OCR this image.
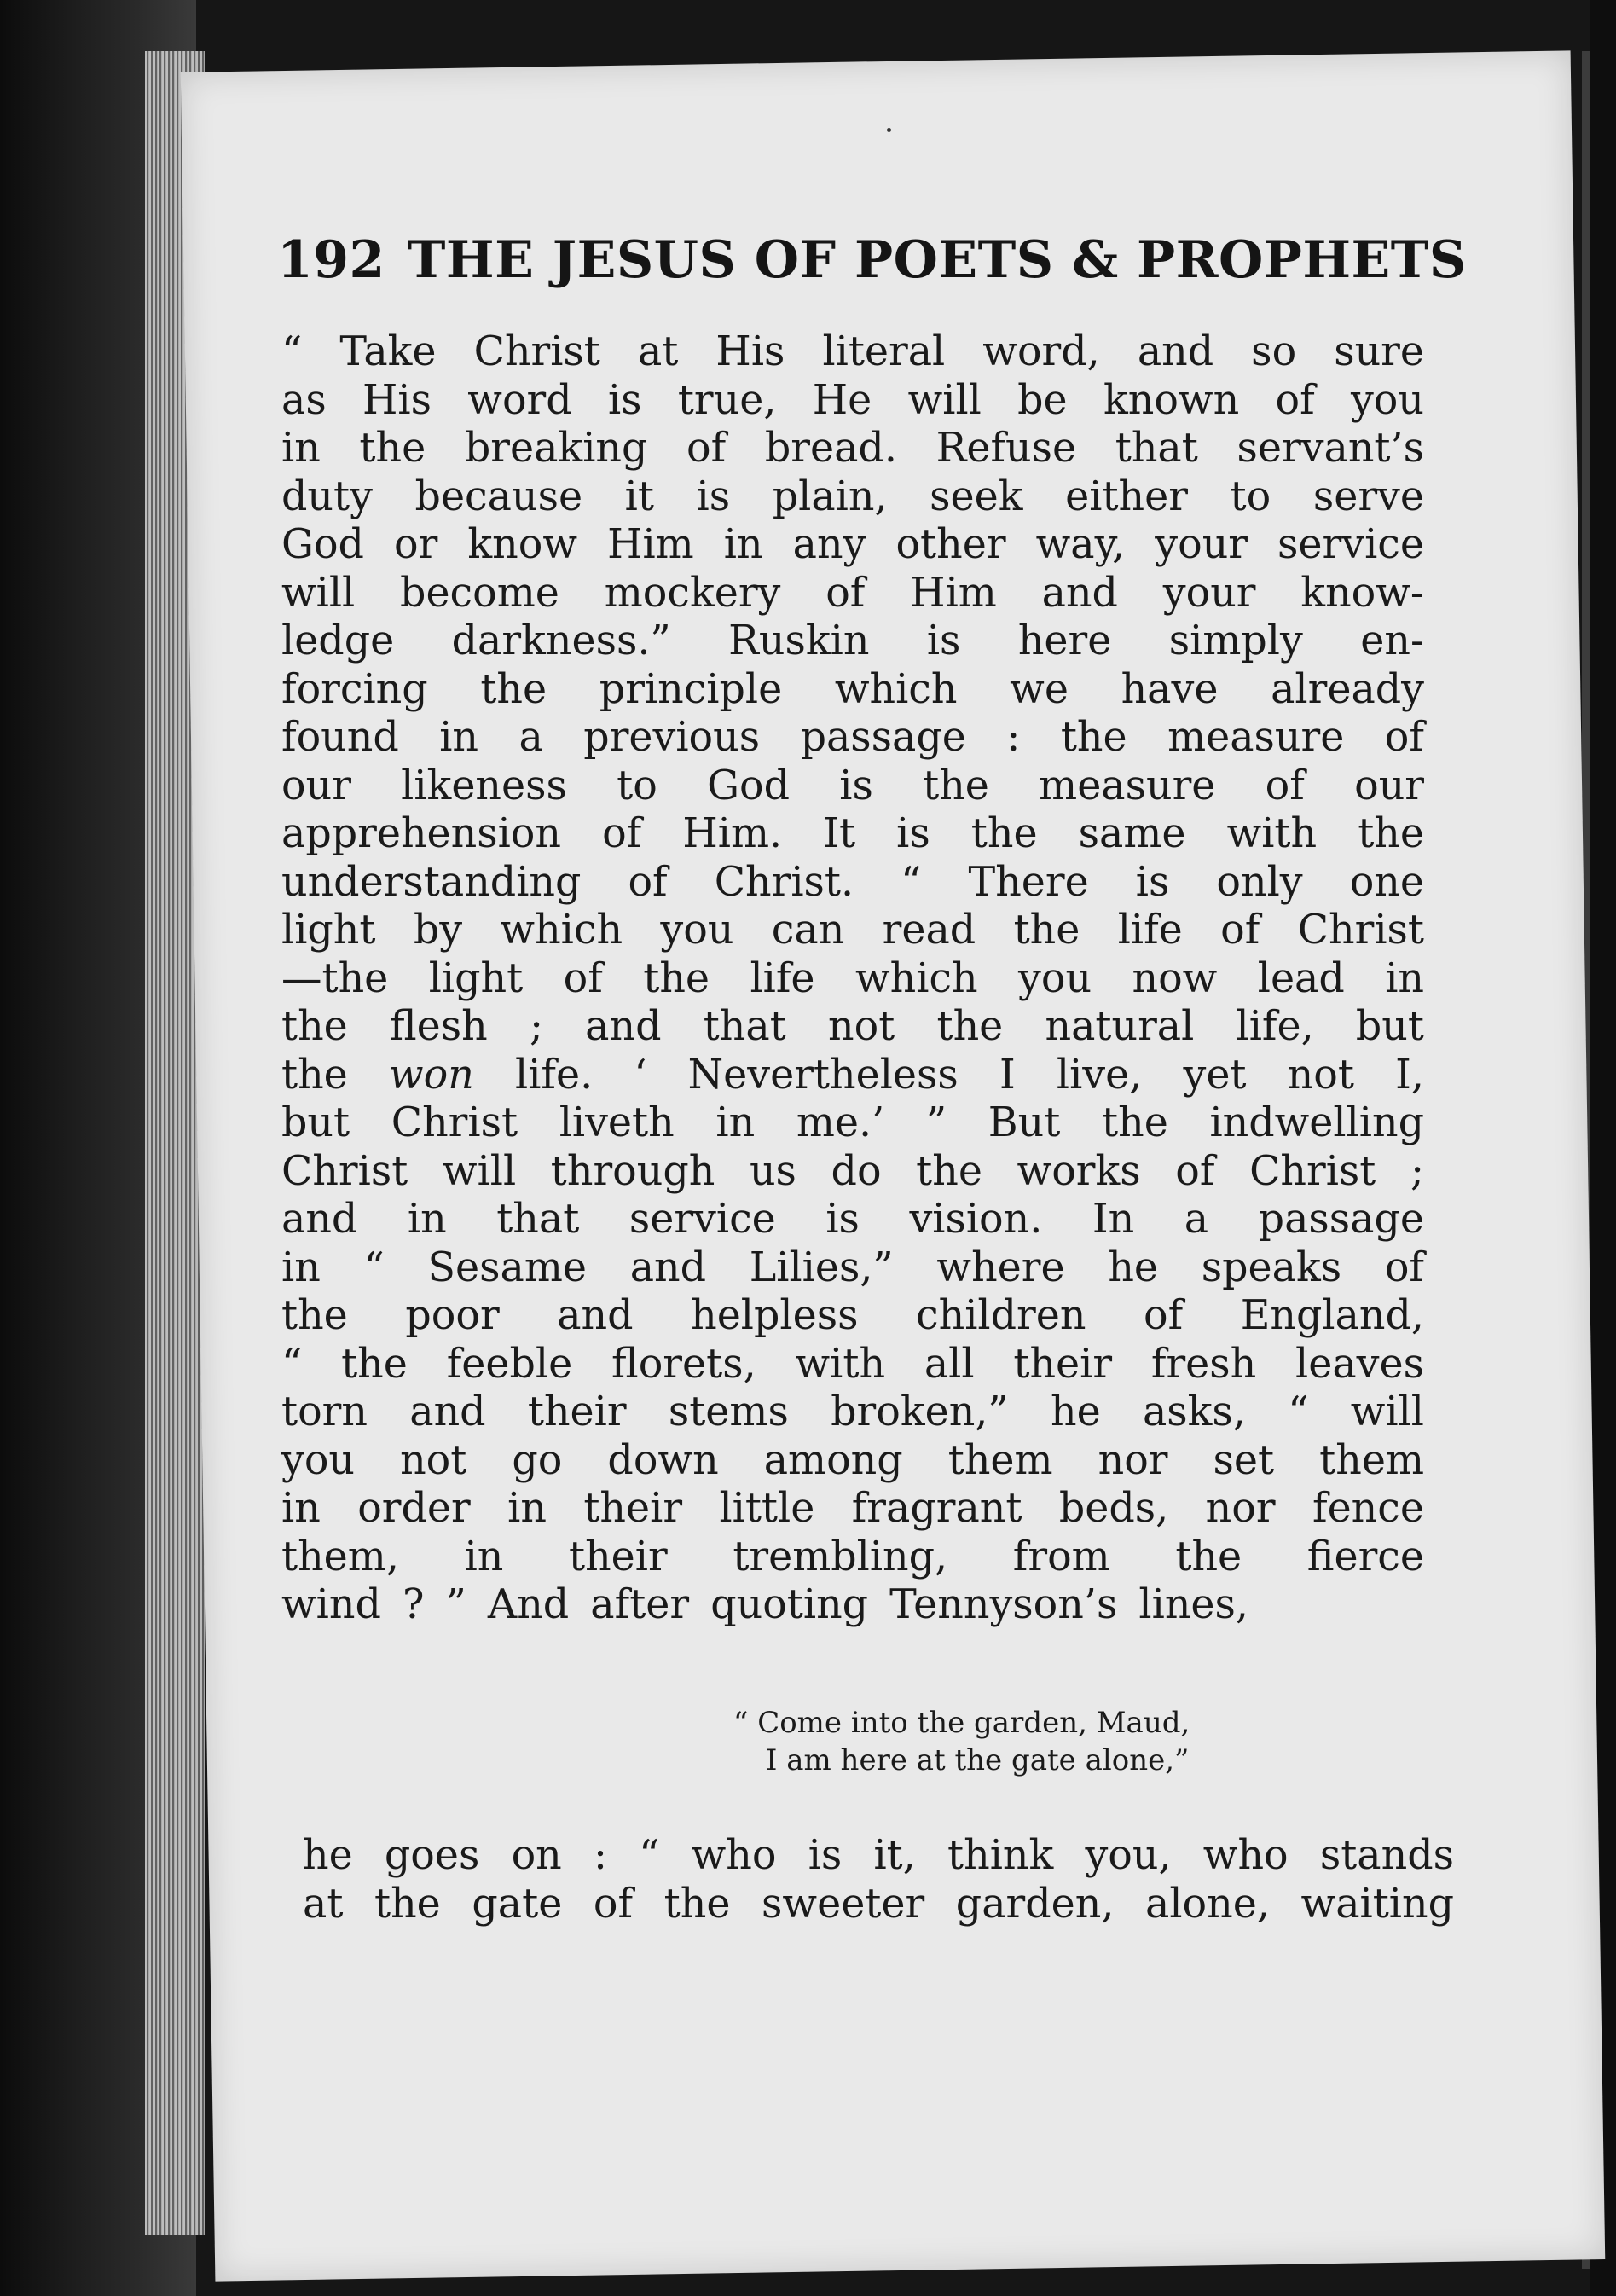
192 THE JESUS OF POETS & PROPHETS
“ Take Christ at His literal word, and so sure
as His word is true, He will be known of you
in the breaking of bread. Refuse that servant’s
duty because it is plain, seek either to serve
God or know Him in any other way, your service
will become mockery of Him and your know-
ledge darkness.” Ruskin is here simply en-
forcing the principle which we have already
found in a previous passage : the measure of
our likeness to God is the measure of our
apprehension of Him. It is the same with the
understanding of Christ. “ There is only one
light by which you can read the life of Christ
—the light of the life which you now lead in
the flesh ; and that not the natural life, but
the won life. ‘ Nevertheless I live, yet not I,
but Christ liveth in me.’ ” But the indwelling
Christ will through us do the works of Christ ;
and in that service is vision. In a passage
in “ Sesame and Lilies,” where he speaks of
the poor and helpless children of England,
“ the feeble florets, with all their fresh leaves
torn and their stems broken,” he asks, “ will
you not go down among them nor set them
in order in their little fragrant beds, nor fence
them, in their trembling, from the fierce
wind ? ” And after quoting Tennyson’s lines,
“ Come into the garden, Maud,
I am here at the gate alone,”
he goes on : “ who is it, think you, who stands
at the gate of the sweeter garden, alone, waiting
